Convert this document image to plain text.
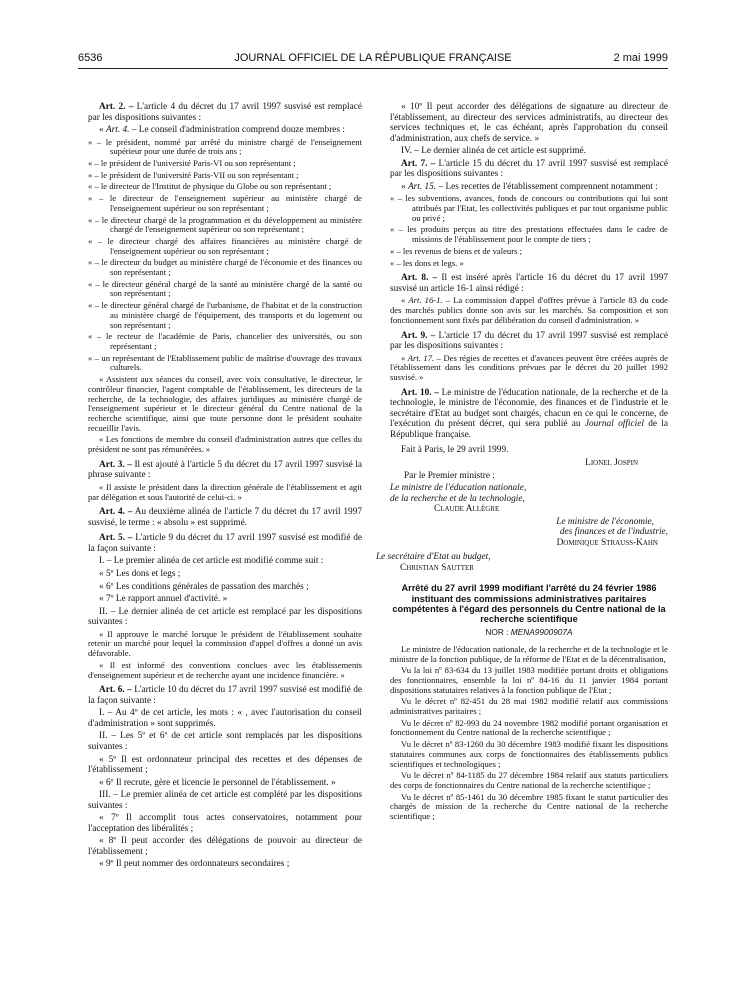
6536	JOURNAL OFFICIEL DE LA RÉPUBLIQUE FRANÇAISE	2 mai 1999

Art. 2. – L'article 4 du décret du 17 avril 1997 susvisé est remplacé par les dispositions suivantes :

« Art. 4. – Le conseil d'administration comprend douze membres :

« – le président, nommé par arrêté du ministre chargé de l'enseignement supérieur pour une durée de trois ans ;

« – le président de l'université Paris-VI ou son représentant ;

« – le président de l'université Paris-VII ou son représentant ;

« – le directeur de l'Institut de physique du Globe ou son représentant ;

« – le directeur de l'enseignement supérieur au ministère chargé de l'enseignement supérieur ou son représentant ;

« – le directeur chargé de la programmation et du développement au ministère chargé de l'enseignement supérieur ou son représentant ;

« – le directeur chargé des affaires financières au ministère chargé de l'enseignement supérieur ou son représentant ;

« – le directeur du budget au ministère chargé de l'économie et des finances ou son représentant ;

« – le directeur général chargé de la santé au ministère chargé de la santé ou son représentant ;

« – le directeur général chargé de l'urbanisme, de l'habitat et de la construction au ministère chargé de l'équipement, des transports et du logement ou son représentant ;

« – le recteur de l'académie de Paris, chancelier des universités, ou son représentant ;

« – un représentant de l'Etablissement public de maîtrise d'ouvrage des travaux culturels.

« Assistent aux séances du conseil, avec voix consultative, le directeur, le contrôleur financier, l'agent comptable de l'établissement, les directeurs de la recherche, de la technologie, des affaires juridiques au ministère chargé de l'enseignement supérieur et le directeur général du Centre national de la recherche scientifique, ainsi que toute personne dont le président souhaite recueillir l'avis.

« Les fonctions de membre du conseil d'administration autres que celles du président ne sont pas rémunérées. »

Art. 3. – Il est ajouté à l'article 5 du décret du 17 avril 1997 susvisé la phrase suivante :

« Il assiste le président dans la direction générale de l'établissement et agit par délégation et sous l'autorité de celui-ci. »

Art. 4. – Au deuxième alinéa de l'article 7 du décret du 17 avril 1997 susvisé, le terme : « absolu » est supprimé.

Art. 5. – L'article 9 du décret du 17 avril 1997 susvisé est modifié de la façon suivante :

I. – Le premier alinéa de cet article est modifié comme suit :

« 5º Les dons et legs ;

« 6º Les conditions générales de passation des marchés ;

« 7º Le rapport annuel d'activité. »

II. – Le dernier alinéa de cet article est remplacé par les dispositions suivantes :

« Il approuve le marché lorsque le président de l'établissement souhaite retenir un marché pour lequel la commission d'appel d'offres a donné un avis défavorable.

« Il est informé des conventions conclues avec les établissements d'enseignement supérieur et de recherche ayant une incidence financière. »

Art. 6. – L'article 10 du décret du 17 avril 1997 susvisé est modifié de la façon suivante :

I. – Au 4º de cet article, les mots : « , avec l'autorisation du conseil d'administration » sont supprimés.

II. – Les 5º et 6º de cet article sont remplacés par les dispositions suivantes :

« 5º Il est ordonnateur principal des recettes et des dépenses de l'établissement ;

« 6º Il recrute, gère et licencie le personnel de l'établissement. »

III. – Le premier alinéa de cet article est complété par les dispositions suivantes :

« 7º Il accomplit tous actes conservatoires, notamment pour l'acceptation des libéralités ;

« 8º Il peut accorder des délégations de pouvoir au directeur de l'établissement ;

« 9º Il peut nommer des ordonnateurs secondaires ;

« 10º Il peut accorder des délégations de signature au directeur de l'établissement, au directeur des services administratifs, au directeur des services techniques et, le cas échéant, après l'approbation du conseil d'administration, aux chefs de service. »

IV. – Le dernier alinéa de cet article est supprimé.

Art. 7. – L'article 15 du décret du 17 avril 1997 susvisé est remplacé par les dispositions suivantes :

« Art. 15. – Les recettes de l'établissement comprennent notamment :

« – les subventions, avances, fonds de concours ou contributions qui lui sont attribués par l'Etat, les collectivités publiques et par tout organisme public ou privé ;

« – les produits perçus au titre des prestations effectuées dans le cadre de missions de l'établissement pour le compte de tiers ;

« – les revenus de biens et de valeurs ;

« – les dons et legs. »

Art. 8. – Il est inséré après l'article 16 du décret du 17 avril 1997 susvisé un article 16-1 ainsi rédigé :

« Art. 16-1. – La commission d'appel d'offres prévue à l'article 83 du code des marchés publics donne son avis sur les marchés. Sa composition et son fonctionnement sont fixés par délibération du conseil d'administration. »

Art. 9. – L'article 17 du décret du 17 avril 1997 susvisé est remplacé par les dispositions suivantes :

« Art. 17. – Des régies de recettes et d'avances peuvent être créées auprès de l'établissement dans les conditions prévues par le décret du 20 juillet 1992 susvisé. »

Art. 10. – Le ministre de l'éducation nationale, de la recherche et de la technologie, le ministre de l'économie, des finances et de l'industrie et le secrétaire d'Etat au budget sont chargés, chacun en ce qui le concerne, de l'exécution du présent décret, qui sera publié au Journal officiel de la République française.

Fait à Paris, le 29 avril 1999.

Lionel Jospin

Par le Premier ministre :

Le ministre de l'éducation nationale,

de la recherche et de la technologie,

Claude Allègre

Le ministre de l'économie,

des finances et de l'industrie,

Dominique Strauss-Kahn

Le secrétaire d'Etat au budget,

Christian Sautter

Arrêté du 27 avril 1999 modifiant l'arrêté du 24 février 1986 instituant des commissions administratives paritaires compétentes à l'égard des personnels du Centre national de la recherche scientifique
NOR : MENA9900907A

Le ministre de l'éducation nationale, de la recherche et de la technologie et le ministre de la fonction publique, de la réforme de l'Etat et de la décentralisation,

Vu la loi nº 83-634 du 13 juillet 1983 modifiée portant droits et obligations des fonctionnaires, ensemble la loi nº 84-16 du 11 janvier 1984 portant dispositions statutaires relatives à la fonction publique de l'Etat ;

Vu le décret nº 82-451 du 28 mai 1982 modifié relatif aux commissions administratives paritaires ;

Vu le décret nº 82-993 du 24 novembre 1982 modifié portant organisation et fonctionnement du Centre national de la recherche scientifique ;

Vu le décret nº 83-1260 du 30 décembre 1983 modifié fixant les dispositions statutaires communes aux corps de fonctionnaires des établissements publics scientifiques et technologiques ;

Vu le décret nº 84-1185 du 27 décembre 1984 relatif aux statuts particuliers des corps de fonctionnaires du Centre national de la recherche scientifique ;

Vu le décret nº 85-1461 du 30 décembre 1985 fixant le statut particulier des chargés de mission de la recherche du Centre national de la recherche scientifique ;
